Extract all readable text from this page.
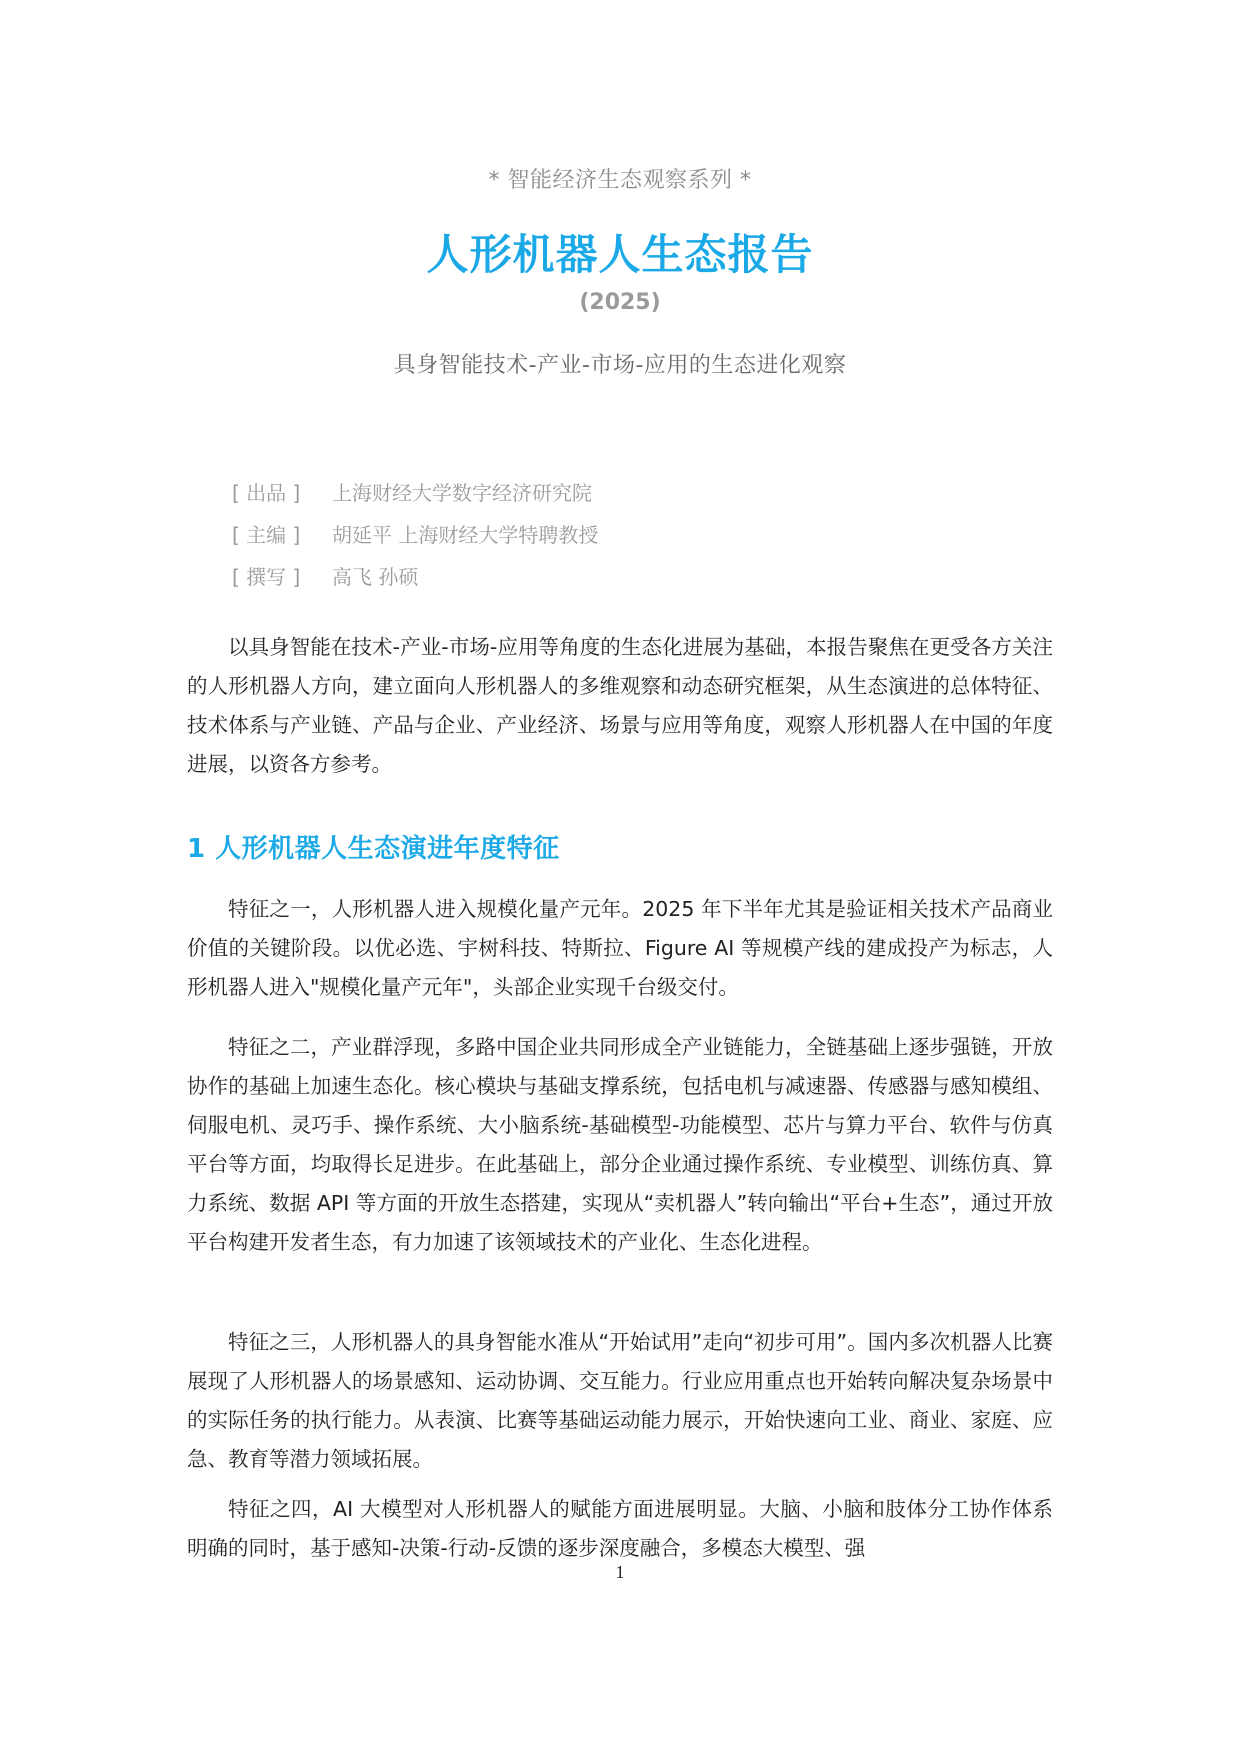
* 智能经济生态观察系列 *
人形机器人生态报告
(2025)
具身智能技术-产业-市场-应用的生态进化观察
[ 出品 ]	上海财经大学数字经济研究院
[ 主编 ]	胡延平 上海财经大学特聘教授
[ 撰写 ]	高飞 孙硕

以具身智能在技术-产业-市场-应用等角度的生态化进展为基础，本报告聚焦在更受各方关注的人形机器人方向，建立面向人形机器人的多维观察和动态研究框架，从生态演进的总体特征、技术体系与产业链、产品与企业、产业经济、场景与应用等角度，观察人形机器人在中国的年度进展，以资各方参考。

1 人形机器人生态演进年度特征

特征之一，人形机器人进入规模化量产元年。2025 年下半年尤其是验证相关技术产品商业价值的关键阶段。以优必选、宇树科技、特斯拉、Figure AI 等规模产线的建成投产为标志，人形机器人进入"规模化量产元年"，头部企业实现千台级交付。

特征之二，产业群浮现，多路中国企业共同形成全产业链能力，全链基础上逐步强链，开放协作的基础上加速生态化。核心模块与基础支撑系统，包括电机与减速器、传感器与感知模组、伺服电机、灵巧手、操作系统、大小脑系统-基础模型-功能模型、芯片与算力平台、软件与仿真平台等方面，均取得长足进步。在此基础上，部分企业通过操作系统、专业模型、训练仿真、算力系统、数据 API 等方面的开放生态搭建，实现从“卖机器人”转向输出“平台+生态”，通过开放平台构建开发者生态，有力加速了该领域技术的产业化、生态化进程。

特征之三，人形机器人的具身智能水准从“开始试用”走向“初步可用”。国内多次机器人比赛展现了人形机器人的场景感知、运动协调、交互能力。行业应用重点也开始转向解决复杂场景中的实际任务的执行能力。从表演、比赛等基础运动能力展示，开始快速向工业、商业、家庭、应急、教育等潜力领域拓展。

特征之四，AI 大模型对人形机器人的赋能方面进展明显。大脑、小脑和肢体分工协作体系明确的同时，基于感知-决策-行动-反馈的逐步深度融合，多模态大模型、强

1
